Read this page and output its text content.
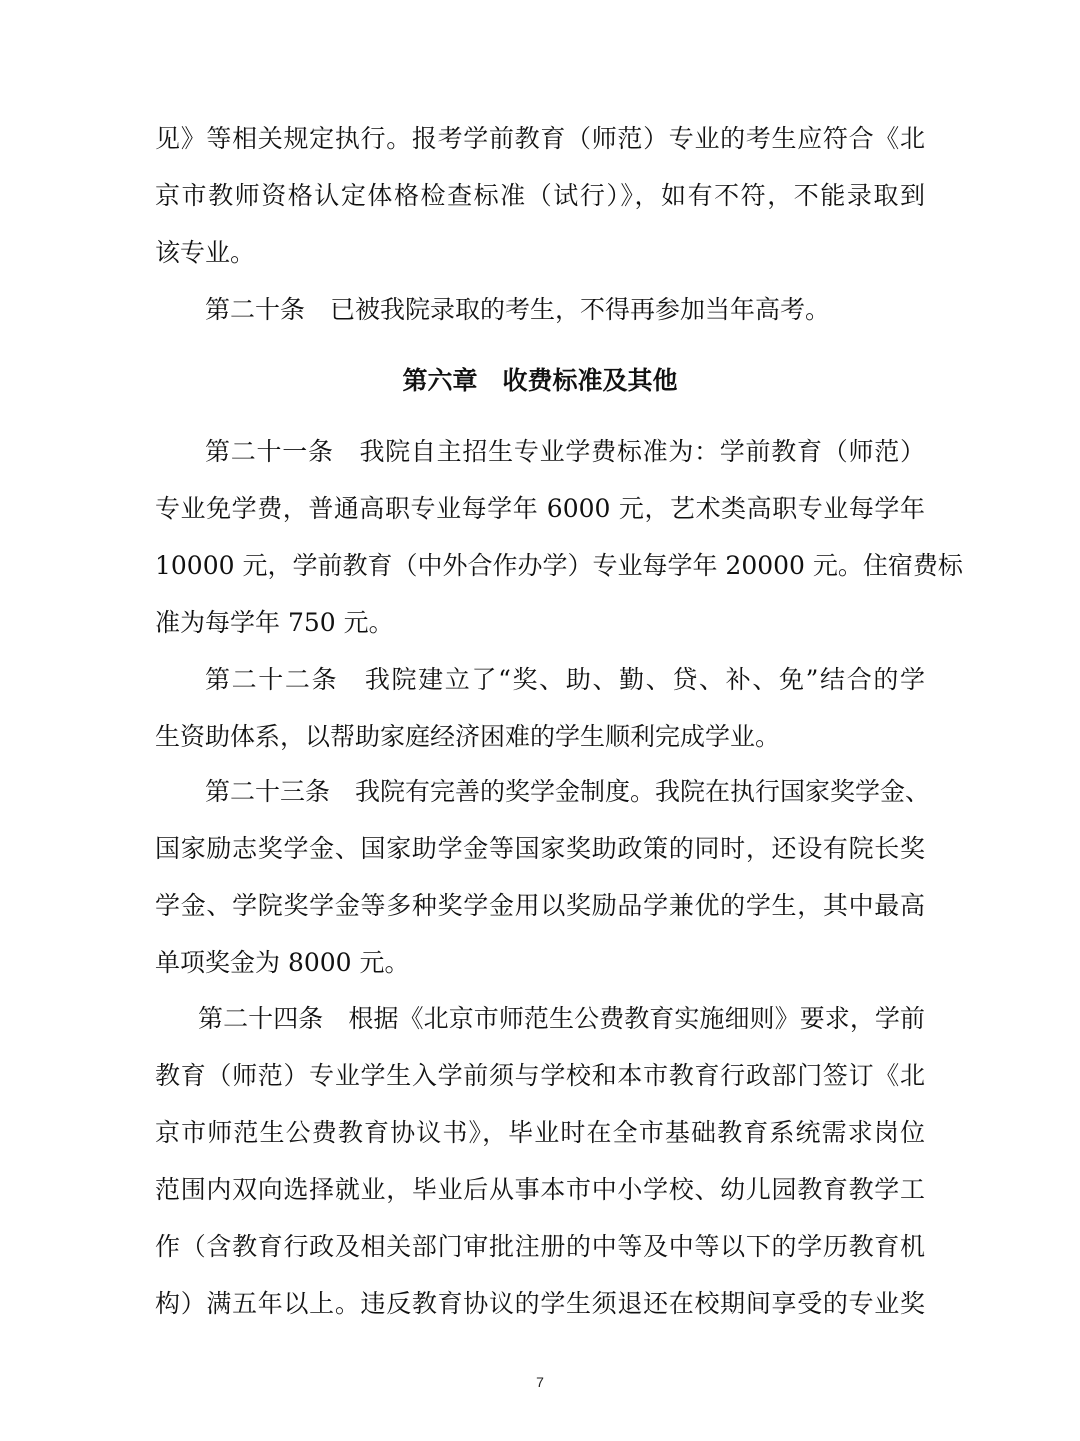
见》等相关规定执行。报考学前教育（师范）专业的考生应符合《北
京市教师资格认定体格检查标准（试行）》，如有不符，不能录取到
该专业。
第二十条　已被我院录取的考生，不得再参加当年高考。
第六章　收费标准及其他
第二十一条　我院自主招生专业学费标准为：学前教育（师范）
专业免学费，普通高职专业每学年 6000 元，艺术类高职专业每学年
10000 元，学前教育（中外合作办学）专业每学年 20000 元。住宿费标
准为每学年 750 元。
第二十二条　我院建立了“奖、助、勤、贷、补、免”结合的学
生资助体系，以帮助家庭经济困难的学生顺利完成学业。
第二十三条　我院有完善的奖学金制度。我院在执行国家奖学金、
国家励志奖学金、国家助学金等国家奖助政策的同时，还设有院长奖
学金、学院奖学金等多种奖学金用以奖励品学兼优的学生，其中最高
单项奖金为 8000 元。
第二十四条　根据《北京市师范生公费教育实施细则》要求，学前
教育（师范）专业学生入学前须与学校和本市教育行政部门签订《北
京市师范生公费教育协议书》，毕业时在全市基础教育系统需求岗位
范围内双向选择就业，毕业后从事本市中小学校、幼儿园教育教学工
作（含教育行政及相关部门审批注册的中等及中等以下的学历教育机
构）满五年以上。违反教育协议的学生须退还在校期间享受的专业奖
7
